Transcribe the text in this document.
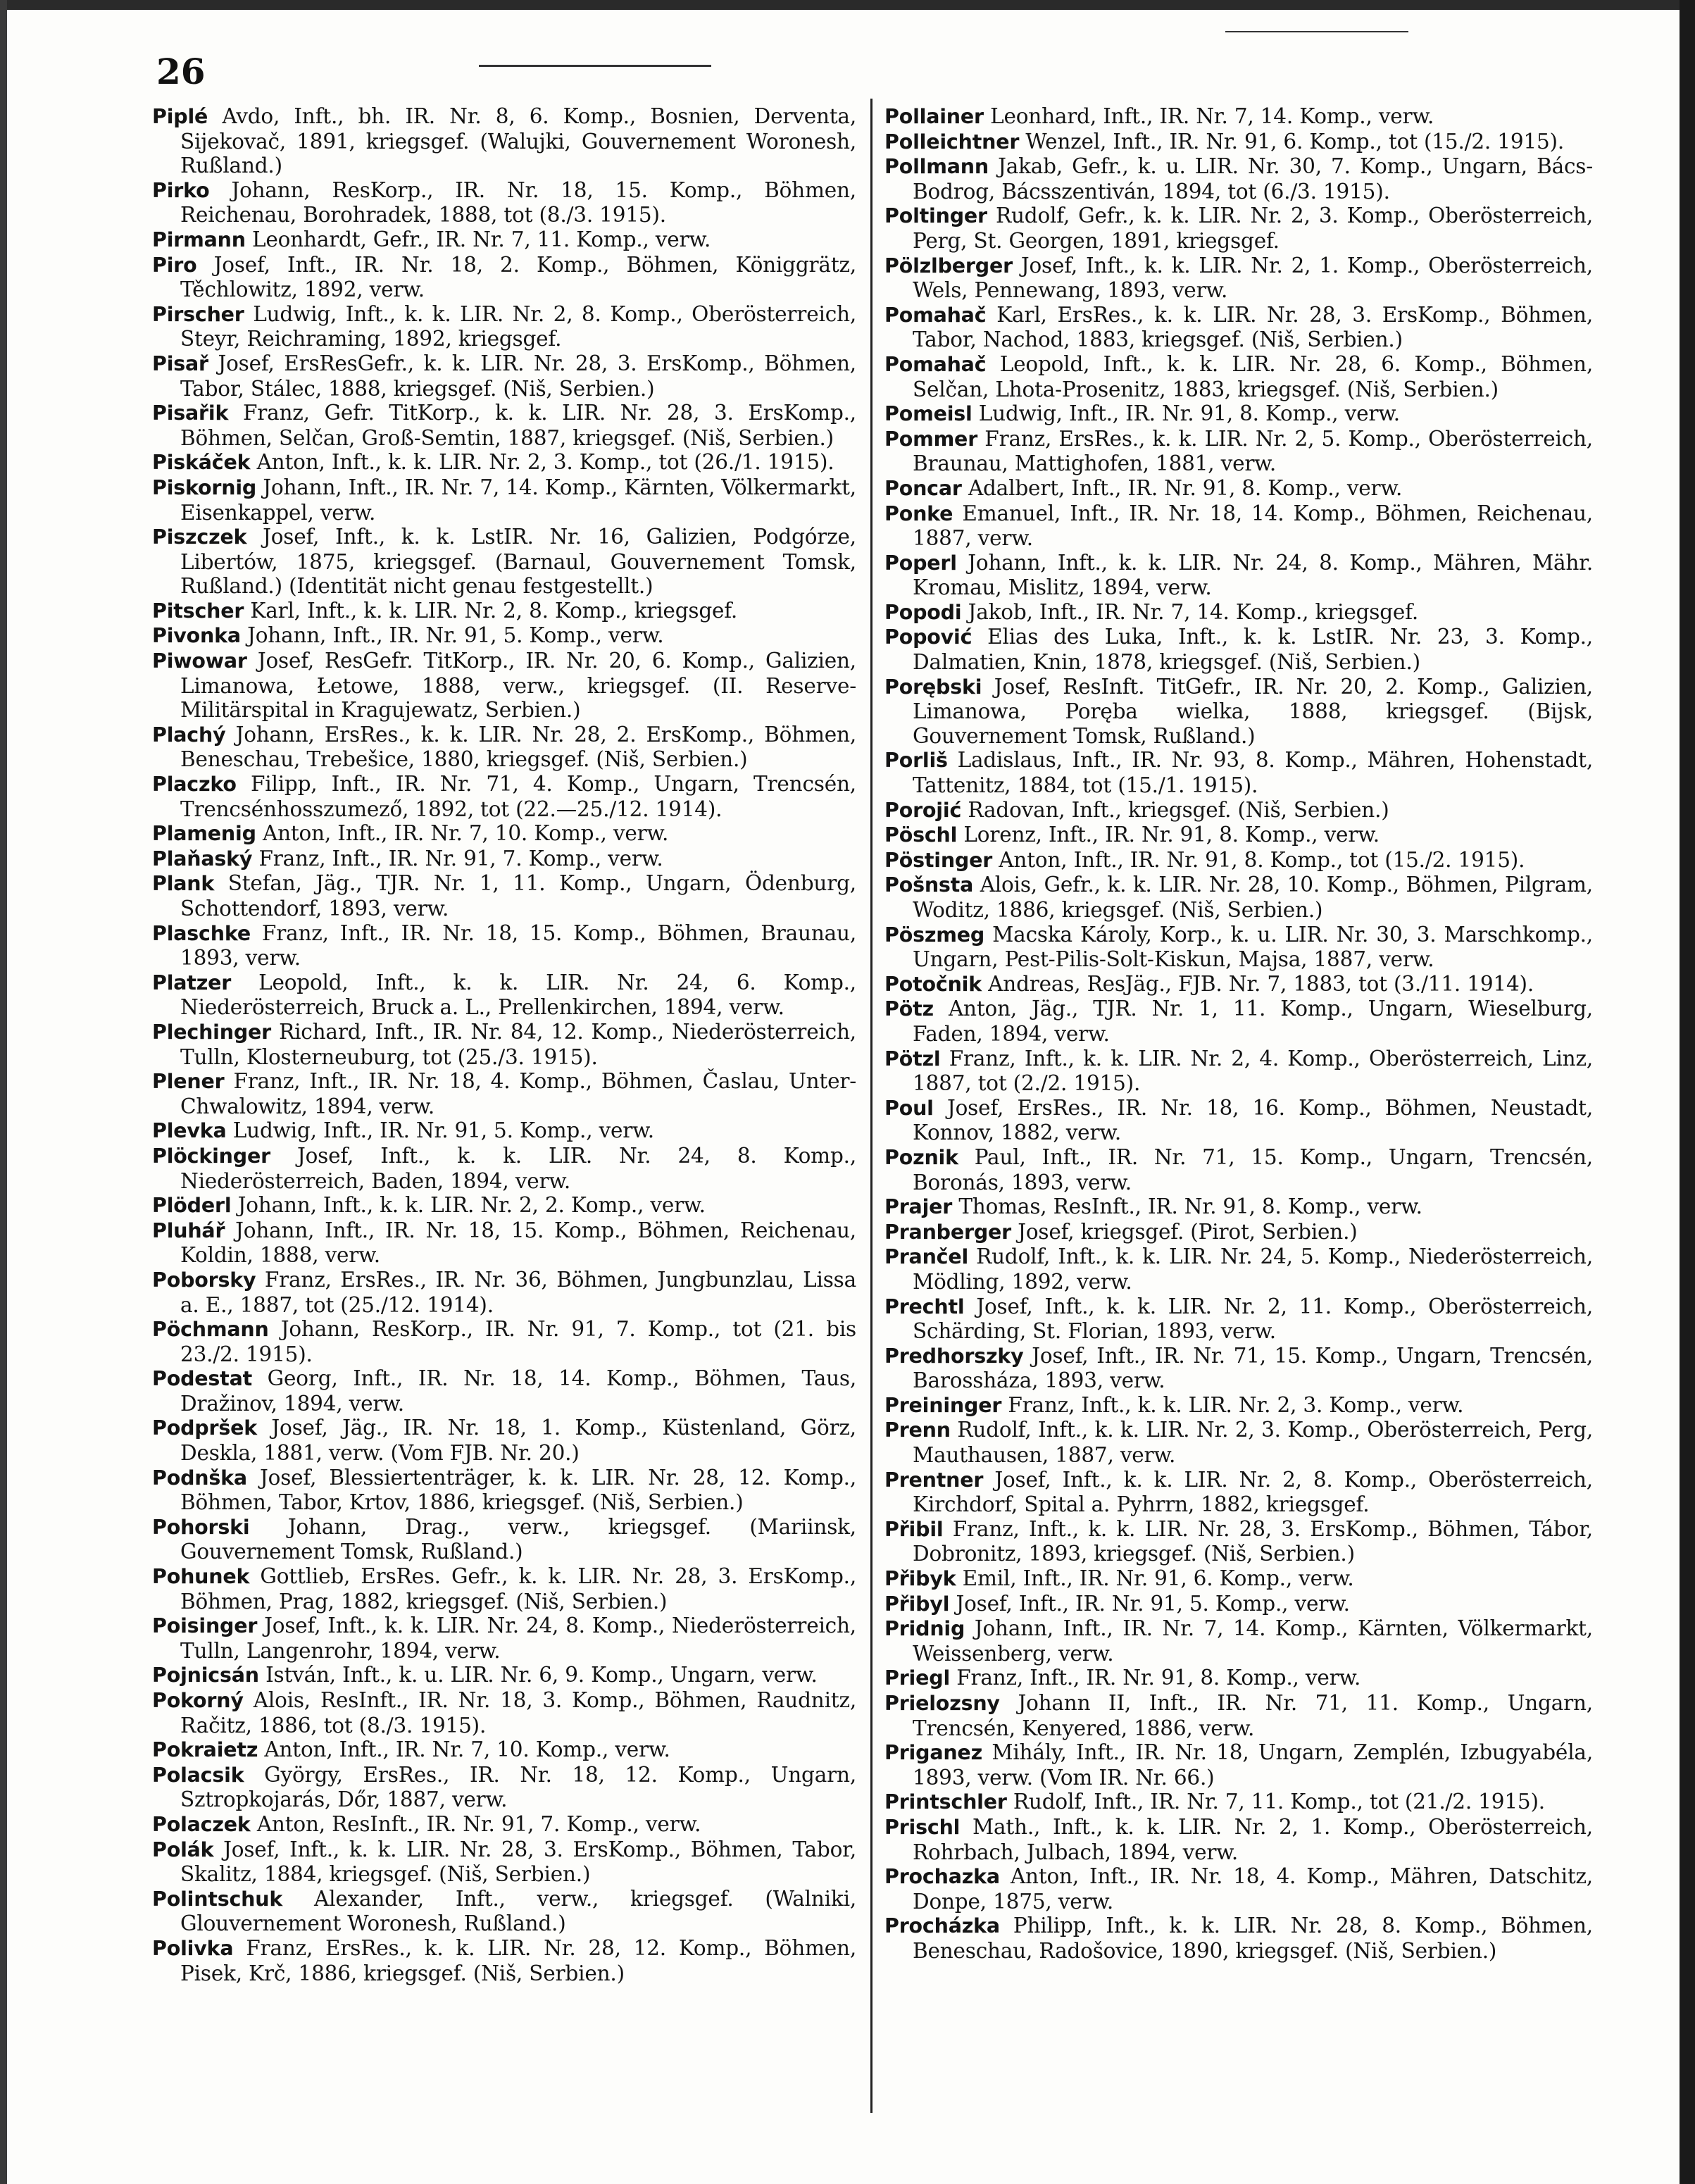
26

Piplé Avdo, Inft., bh. IR. Nr. 8, 6. Komp., Bosnien, Derventa, Sijekovač, 1891, kriegsgef. (Walujki, Gouvernement Woronesh, Rußland.)

Pirko Johann, ResKorp., IR. Nr. 18, 15. Komp., Böhmen, Reichenau, Borohradek, 1888, tot (8./3. 1915).

Pirmann Leonhardt, Gefr., IR. Nr. 7, 11. Komp., verw.

Piro Josef, Inft., IR. Nr. 18, 2. Komp., Böhmen, Königgrätz, Těchlowitz, 1892, verw.

Pirscher Ludwig, Inft., k. k. LIR. Nr. 2, 8. Komp., Oberösterreich, Steyr, Reichraming, 1892, kriegsgef.

Pisař Josef, ErsResGefr., k. k. LIR. Nr. 28, 3. ErsKomp., Böhmen, Tabor, Stálec, 1888, kriegsgef. (Niš, Serbien.)

Pisařik Franz, Gefr. TitKorp., k. k. LIR. Nr. 28, 3. ErsKomp., Böhmen, Selčan, Groß-Semtin, 1887, kriegsgef. (Niš, Serbien.)

Piskáček Anton, Inft., k. k. LIR. Nr. 2, 3. Komp., tot (26./1. 1915).

Piskornig Johann, Inft., IR. Nr. 7, 14. Komp., Kärnten, Völkermarkt, Eisenkappel, verw.

Piszczek Josef, Inft., k. k. LstIR. Nr. 16, Galizien, Podgórze, Libertów, 1875, kriegsgef. (Barnaul, Gouvernement Tomsk, Rußland.) (Identität nicht genau festgestellt.)

Pitscher Karl, Inft., k. k. LIR. Nr. 2, 8. Komp., kriegsgef.

Pivonka Johann, Inft., IR. Nr. 91, 5. Komp., verw.

Piwowar Josef, ResGefr. TitKorp., IR. Nr. 20, 6. Komp., Galizien, Limanowa, Łetowe, 1888, verw., kriegsgef. (II. Reserve-Militärspital in Kragujewatz, Serbien.)

Plachý Johann, ErsRes., k. k. LIR. Nr. 28, 2. ErsKomp., Böhmen, Beneschau, Trebešice, 1880, kriegsgef. (Niš, Serbien.)

Placzko Filipp, Inft., IR. Nr. 71, 4. Komp., Ungarn, Trencsén, Trencsénhosszumező, 1892, tot (22.—25./12. 1914).

Plamenig Anton, Inft., IR. Nr. 7, 10. Komp., verw.

Plaňaský Franz, Inft., IR. Nr. 91, 7. Komp., verw.

Plank Stefan, Jäg., TJR. Nr. 1, 11. Komp., Ungarn, Ödenburg, Schottendorf, 1893, verw.

Plaschke Franz, Inft., IR. Nr. 18, 15. Komp., Böhmen, Braunau, 1893, verw.

Platzer Leopold, Inft., k. k. LIR. Nr. 24, 6. Komp., Niederösterreich, Bruck a. L., Prellenkirchen, 1894, verw.

Plechinger Richard, Inft., IR. Nr. 84, 12. Komp., Niederösterreich, Tulln, Klosterneuburg, tot (25./3. 1915).

Plener Franz, Inft., IR. Nr. 18, 4. Komp., Böhmen, Časlau, Unter-Chwalowitz, 1894, verw.

Plevka Ludwig, Inft., IR. Nr. 91, 5. Komp., verw.

Plöckinger Josef, Inft., k. k. LIR. Nr. 24, 8. Komp., Niederösterreich, Baden, 1894, verw.

Plöderl Johann, Inft., k. k. LIR. Nr. 2, 2. Komp., verw.

Pluhář Johann, Inft., IR. Nr. 18, 15. Komp., Böhmen, Reichenau, Koldin, 1888, verw.

Poborsky Franz, ErsRes., IR. Nr. 36, Böhmen, Jungbunzlau, Lissa a. E., 1887, tot (25./12. 1914).

Pöchmann Johann, ResKorp., IR. Nr. 91, 7. Komp., tot (21. bis 23./2. 1915).

Podestat Georg, Inft., IR. Nr. 18, 14. Komp., Böhmen, Taus, Dražinov, 1894, verw.

Podpršek Josef, Jäg., IR. Nr. 18, 1. Komp., Küstenland, Görz, Deskla, 1881, verw. (Vom FJB. Nr. 20.)

Podnška Josef, Blessiertenträger, k. k. LIR. Nr. 28, 12. Komp., Böhmen, Tabor, Krtov, 1886, kriegsgef. (Niš, Serbien.)

Pohorski Johann, Drag., verw., kriegsgef. (Mariinsk, Gouvernement Tomsk, Rußland.)

Pohunek Gottlieb, ErsRes. Gefr., k. k. LIR. Nr. 28, 3. ErsKomp., Böhmen, Prag, 1882, kriegsgef. (Niš, Serbien.)

Poisinger Josef, Inft., k. k. LIR. Nr. 24, 8. Komp., Niederösterreich, Tulln, Langenrohr, 1894, verw.

Pojnicsán István, Inft., k. u. LIR. Nr. 6, 9. Komp., Ungarn, verw.

Pokorný Alois, ResInft., IR. Nr. 18, 3. Komp., Böhmen, Raudnitz, Račitz, 1886, tot (8./3. 1915).

Pokraietz Anton, Inft., IR. Nr. 7, 10. Komp., verw.

Polacsik György, ErsRes., IR. Nr. 18, 12. Komp., Ungarn, Sztropkojarás, Dőr, 1887, verw.

Polaczek Anton, ResInft., IR. Nr. 91, 7. Komp., verw.

Polák Josef, Inft., k. k. LIR. Nr. 28, 3. ErsKomp., Böhmen, Tabor, Skalitz, 1884, kriegsgef. (Niš, Serbien.)

Polintschuk Alexander, Inft., verw., kriegsgef. (Walniki, Glouvernement Woronesh, Rußland.)

Polivka Franz, ErsRes., k. k. LIR. Nr. 28, 12. Komp., Böhmen, Pisek, Krč, 1886, kriegsgef. (Niš, Serbien.)

Pollainer Leonhard, Inft., IR. Nr. 7, 14. Komp., verw.

Polleichtner Wenzel, Inft., IR. Nr. 91, 6. Komp., tot (15./2. 1915).

Pollmann Jakab, Gefr., k. u. LIR. Nr. 30, 7. Komp., Ungarn, Bács-Bodrog, Bácsszentiván, 1894, tot (6./3. 1915).

Poltinger Rudolf, Gefr., k. k. LIR. Nr. 2, 3. Komp., Oberösterreich, Perg, St. Georgen, 1891, kriegsgef.

Pölzlberger Josef, Inft., k. k. LIR. Nr. 2, 1. Komp., Oberösterreich, Wels, Pennewang, 1893, verw.

Pomahač Karl, ErsRes., k. k. LIR. Nr. 28, 3. ErsKomp., Böhmen, Tabor, Nachod, 1883, kriegsgef. (Niš, Serbien.)

Pomahač Leopold, Inft., k. k. LIR. Nr. 28, 6. Komp., Böhmen, Selčan, Lhota-Prosenitz, 1883, kriegsgef. (Niš, Serbien.)

Pomeisl Ludwig, Inft., IR. Nr. 91, 8. Komp., verw.

Pommer Franz, ErsRes., k. k. LIR. Nr. 2, 5. Komp., Oberösterreich, Braunau, Mattighofen, 1881, verw.

Poncar Adalbert, Inft., IR. Nr. 91, 8. Komp., verw.

Ponke Emanuel, Inft., IR. Nr. 18, 14. Komp., Böhmen, Reichenau, 1887, verw.

Poperl Johann, Inft., k. k. LIR. Nr. 24, 8. Komp., Mähren, Mähr. Kromau, Mislitz, 1894, verw.

Popodi Jakob, Inft., IR. Nr. 7, 14. Komp., kriegsgef.

Popović Elias des Luka, Inft., k. k. LstIR. Nr. 23, 3. Komp., Dalmatien, Knin, 1878, kriegsgef. (Niš, Serbien.)

Porębski Josef, ResInft. TitGefr., IR. Nr. 20, 2. Komp., Galizien, Limanowa, Poręba wielka, 1888, kriegsgef. (Bijsk, Gouvernement Tomsk, Rußland.)

Porliš Ladislaus, Inft., IR. Nr. 93, 8. Komp., Mähren, Hohenstadt, Tattenitz, 1884, tot (15./1. 1915).

Porojić Radovan, Inft., kriegsgef. (Niš, Serbien.)

Pöschl Lorenz, Inft., IR. Nr. 91, 8. Komp., verw.

Pöstinger Anton, Inft., IR. Nr. 91, 8. Komp., tot (15./2. 1915).

Pošnsta Alois, Gefr., k. k. LIR. Nr. 28, 10. Komp., Böhmen, Pilgram, Woditz, 1886, kriegsgef. (Niš, Serbien.)

Pöszmeg Macska Károly, Korp., k. u. LIR. Nr. 30, 3. Marschkomp., Ungarn, Pest-Pilis-Solt-Kiskun, Majsa, 1887, verw.

Potočnik Andreas, ResJäg., FJB. Nr. 7, 1883, tot (3./11. 1914).

Pötz Anton, Jäg., TJR. Nr. 1, 11. Komp., Ungarn, Wieselburg, Faden, 1894, verw.

Pötzl Franz, Inft., k. k. LIR. Nr. 2, 4. Komp., Oberösterreich, Linz, 1887, tot (2./2. 1915).

Poul Josef, ErsRes., IR. Nr. 18, 16. Komp., Böhmen, Neustadt, Konnov, 1882, verw.

Poznik Paul, Inft., IR. Nr. 71, 15. Komp., Ungarn, Trencsén, Boronás, 1893, verw.

Prajer Thomas, ResInft., IR. Nr. 91, 8. Komp., verw.

Pranberger Josef, kriegsgef. (Pirot, Serbien.)

Prančel Rudolf, Inft., k. k. LIR. Nr. 24, 5. Komp., Niederösterreich, Mödling, 1892, verw.

Prechtl Josef, Inft., k. k. LIR. Nr. 2, 11. Komp., Oberösterreich, Schärding, St. Florian, 1893, verw.

Predhorszky Josef, Inft., IR. Nr. 71, 15. Komp., Ungarn, Trencsén, Barossháza, 1893, verw.

Preininger Franz, Inft., k. k. LIR. Nr. 2, 3. Komp., verw.

Prenn Rudolf, Inft., k. k. LIR. Nr. 2, 3. Komp., Oberösterreich, Perg, Mauthausen, 1887, verw.

Prentner Josef, Inft., k. k. LIR. Nr. 2, 8. Komp., Oberösterreich, Kirchdorf, Spital a. Pyhrrn, 1882, kriegsgef.

Přibil Franz, Inft., k. k. LIR. Nr. 28, 3. ErsKomp., Böhmen, Tábor, Dobronitz, 1893, kriegsgef. (Niš, Serbien.)

Přibyk Emil, Inft., IR. Nr. 91, 6. Komp., verw.

Přibyl Josef, Inft., IR. Nr. 91, 5. Komp., verw.

Pridnig Johann, Inft., IR. Nr. 7, 14. Komp., Kärnten, Völkermarkt, Weissenberg, verw.

Priegl Franz, Inft., IR. Nr. 91, 8. Komp., verw.

Prielozsny Johann II, Inft., IR. Nr. 71, 11. Komp., Ungarn, Trencsén, Kenyered, 1886, verw.

Priganez Mihály, Inft., IR. Nr. 18, Ungarn, Zemplén, Izbugyabéla, 1893, verw. (Vom IR. Nr. 66.)

Printschler Rudolf, Inft., IR. Nr. 7, 11. Komp., tot (21./2. 1915).

Prischl Math., Inft., k. k. LIR. Nr. 2, 1. Komp., Oberösterreich, Rohrbach, Julbach, 1894, verw.

Prochazka Anton, Inft., IR. Nr. 18, 4. Komp., Mähren, Datschitz, Donpe, 1875, verw.

Procházka Philipp, Inft., k. k. LIR. Nr. 28, 8. Komp., Böhmen, Beneschau, Radošovice, 1890, kriegsgef. (Niš, Serbien.)
